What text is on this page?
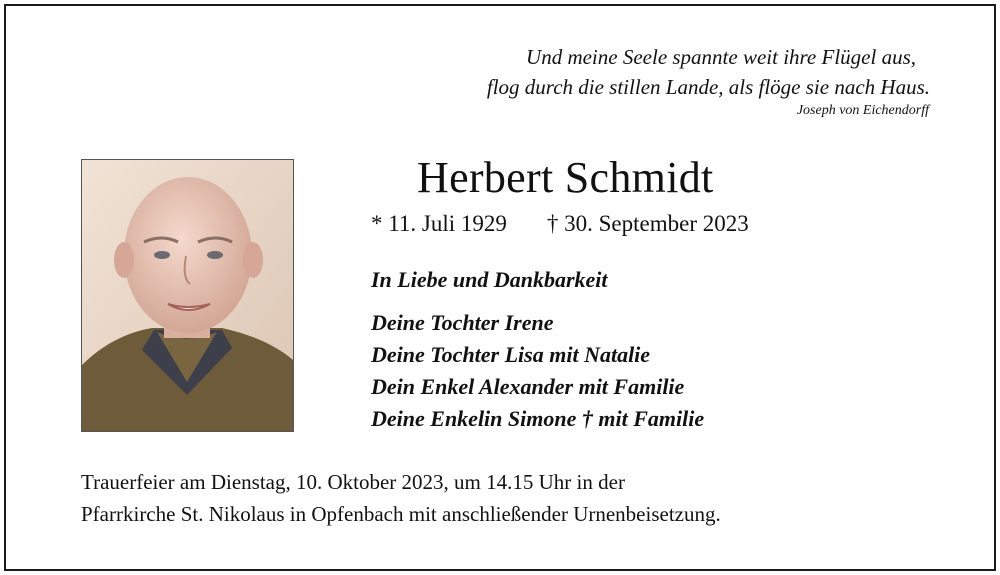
Und meine Seele spannte weit ihre Flügel aus,
flog durch die stillen Lande, als flöge sie nach Haus.
Joseph von Eichendorff
Herbert Schmidt
* 11. Juli 1929 † 30. September 2023
In Liebe und Dankbarkeit
Deine Tochter Irene
Deine Tochter Lisa mit Natalie
Dein Enkel Alexander mit Familie
Deine Enkelin Simone † mit Familie
Trauerfeier am Dienstag, 10. Oktober 2023, um 14.15 Uhr in der
Pfarrkirche St. Nikolaus in Opfenbach mit anschließender Urnenbeisetzung.
